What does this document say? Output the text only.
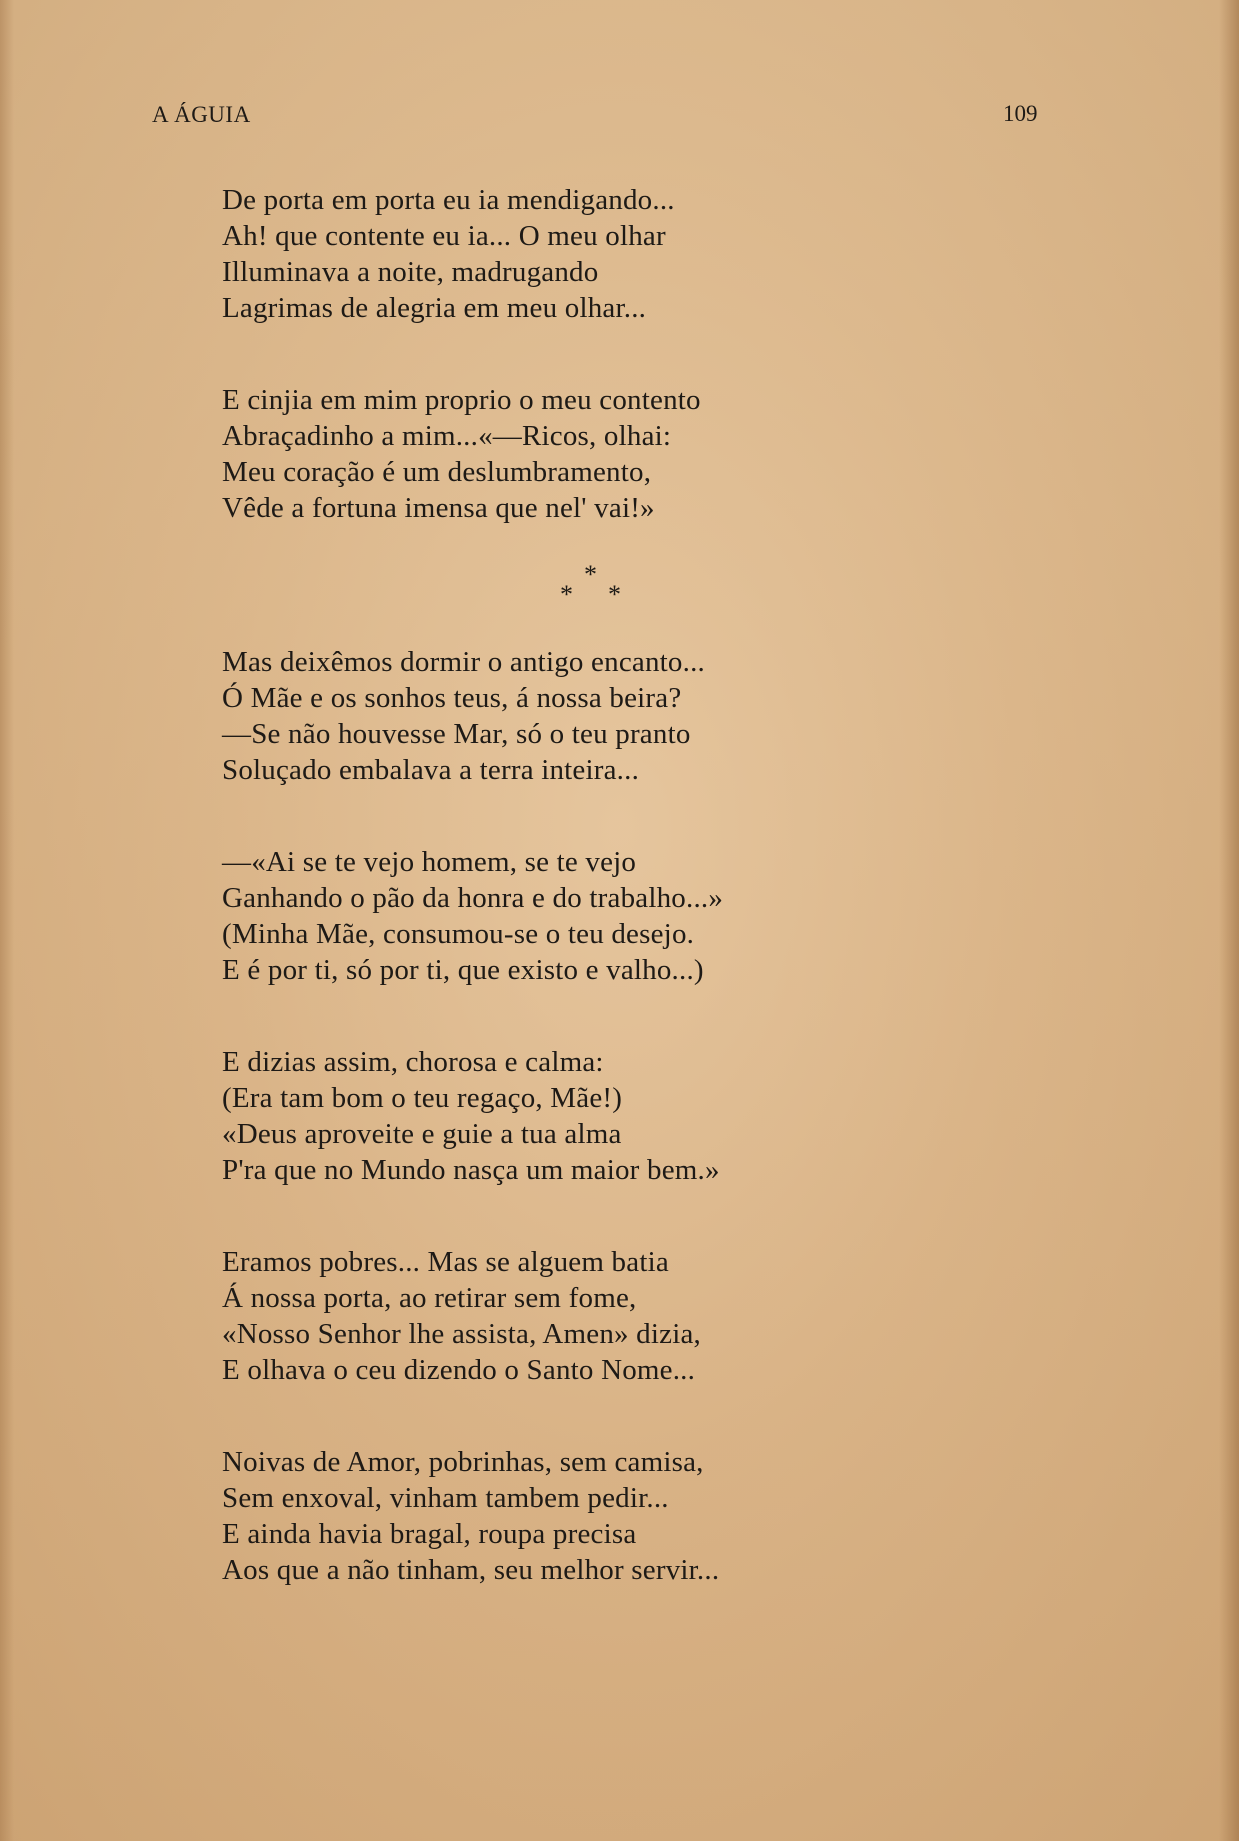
A ÁGUIA	109
De porta em porta eu ia mendigando...
Ah! que contente eu ia... O meu olhar
Illuminava a noite, madrugando
Lagrimas de alegria em meu olhar...
E cinjia em mim proprio o meu contento
Abraçadinho a mim...«—Ricos, olhai:
Meu coração é um deslumbramento,
Vêde a fortuna imensa que nel' vai!»
*
* *
Mas deixêmos dormir o antigo encanto...
Ó Mãe e os sonhos teus, á nossa beira?
—Se não houvesse Mar, só o teu pranto
Soluçado embalava a terra inteira...
—«Ai se te vejo homem, se te vejo
Ganhando o pão da honra e do trabalho...»
(Minha Mãe, consumou-se o teu desejo.
E é por ti, só por ti, que existo e valho...)
E dizias assim, chorosa e calma:
(Era tam bom o teu regaço, Mãe!)
«Deus aproveite e guie a tua alma
P'ra que no Mundo nasça um maior bem.»
Eramos pobres... Mas se alguem batia
Á nossa porta, ao retirar sem fome,
«Nosso Senhor lhe assista, Amen» dizia,
E olhava o ceu dizendo o Santo Nome...
Noivas de Amor, pobrinhas, sem camisa,
Sem enxoval, vinham tambem pedir...
E ainda havia bragal, roupa precisa
Aos que a não tinham, seu melhor servir...
